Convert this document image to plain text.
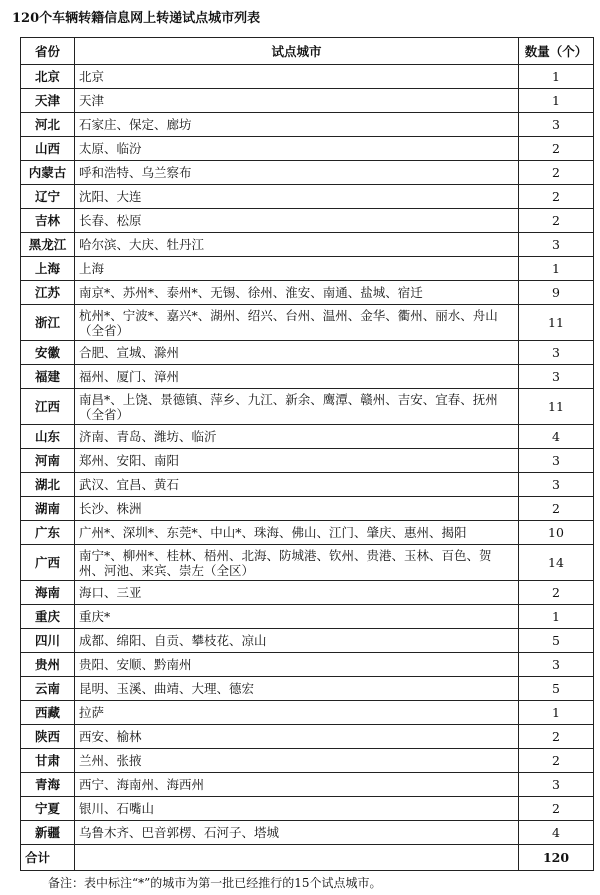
120个车辆转籍信息网上转递试点城市列表
省份	试点城市	数量（个）
北京	北京	1
天津	天津	1
河北	石家庄、保定、廊坊	3
山西	太原、临汾	2
内蒙古	呼和浩特、乌兰察布	2
辽宁	沈阳、大连	2
吉林	长春、松原	2
黑龙江	哈尔滨、大庆、牡丹江	3
上海	上海	1
江苏	南京*、苏州*、泰州*、无锡、徐州、淮安、南通、盐城、宿迁	9
浙江	杭州*、宁波*、嘉兴*、湖州、绍兴、台州、温州、金华、衢州、丽水、舟山（全省）	11
安徽	合肥、宣城、滁州	3
福建	福州、厦门、漳州	3
江西	南昌*、上饶、景德镇、萍乡、九江、新余、鹰潭、赣州、吉安、宜春、抚州（全省）	11
山东	济南、青岛、潍坊、临沂	4
河南	郑州、安阳、南阳	3
湖北	武汉、宜昌、黄石	3
湖南	长沙、株洲	2
广东	广州*、深圳*、东莞*、中山*、珠海、佛山、江门、肇庆、惠州、揭阳	10
广西	南宁*、柳州*、桂林、梧州、北海、防城港、钦州、贵港、玉林、百色、贺州、河池、来宾、崇左（全区）	14
海南	海口、三亚	2
重庆	重庆*	1
四川	成都、绵阳、自贡、攀枝花、凉山	5
贵州	贵阳、安顺、黔南州	3
云南	昆明、玉溪、曲靖、大理、德宏	5
西藏	拉萨	1
陕西	西安、榆林	2
甘肃	兰州、张掖	2
青海	西宁、海南州、海西州	3
宁夏	银川、石嘴山	2
新疆	乌鲁木齐、巴音郭楞、石河子、塔城	4
合计		120
备注：表中标注“*”的城市为第一批已经推行的15个试点城市。
